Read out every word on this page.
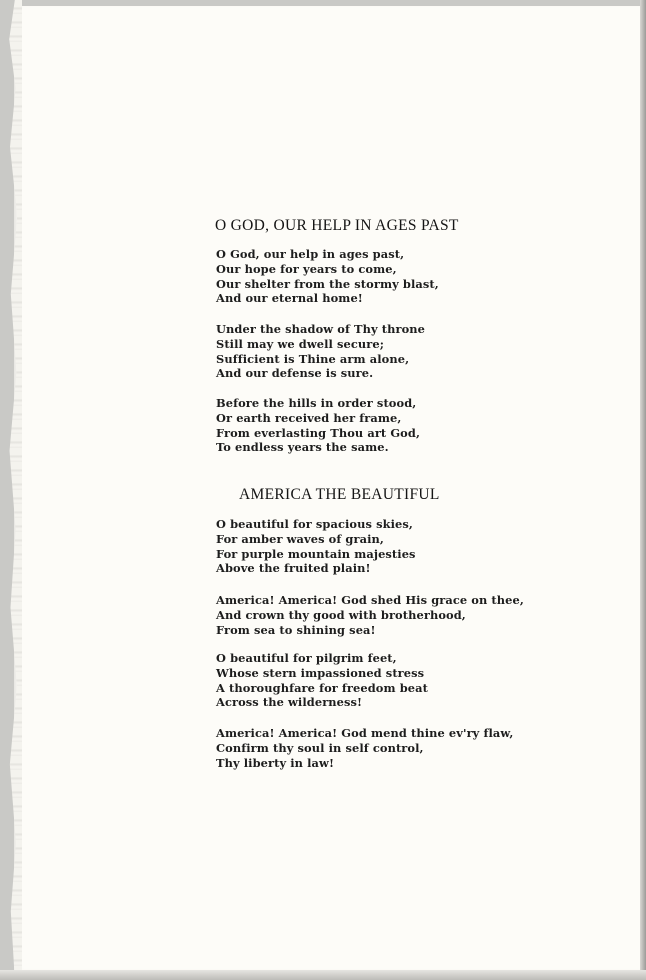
O GOD, OUR HELP IN AGES PAST
O God, our help in ages past,
Our hope for years to come,
Our shelter from the stormy blast,
And our eternal home!
Under the shadow of Thy throne
Still may we dwell secure;
Sufficient is Thine arm alone,
And our defense is sure.
Before the hills in order stood,
Or earth received her frame,
From everlasting Thou art God,
To endless years the same.
AMERICA THE BEAUTIFUL
O beautiful for spacious skies,
For amber waves of grain,
For purple mountain majesties
Above the fruited plain!
America! America! God shed His grace on thee,
And crown thy good with brotherhood,
From sea to shining sea!
O beautiful for pilgrim feet,
Whose stern impassioned stress
A thoroughfare for freedom beat
Across the wilderness!
America! America! God mend thine ev'ry flaw,
Confirm thy soul in self control,
Thy liberty in law!
